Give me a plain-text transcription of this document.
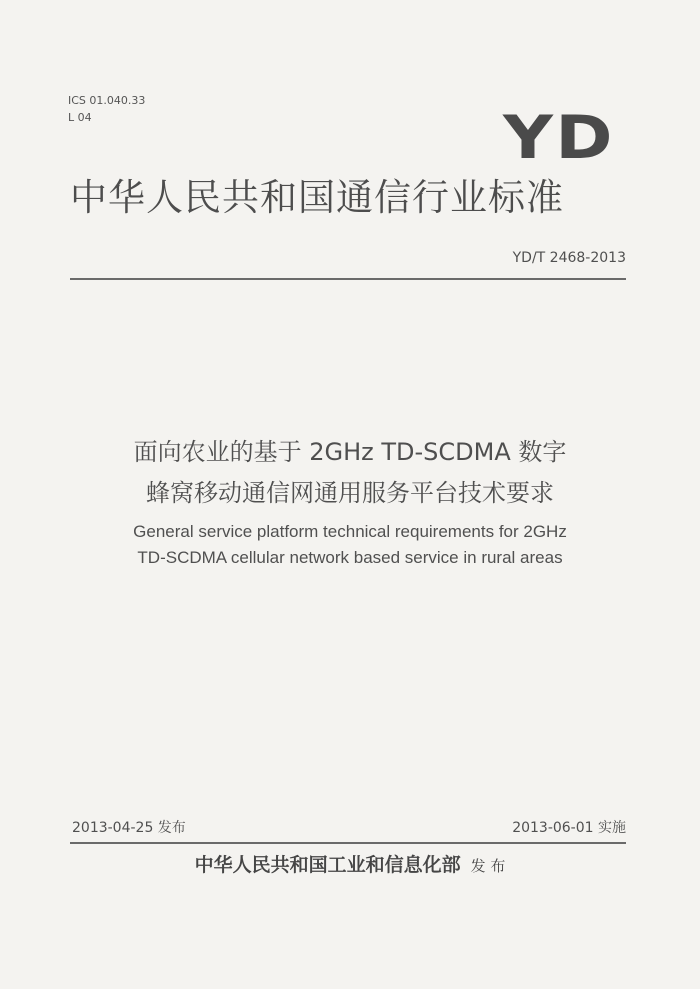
ICS 01.040.33
L 04	YD
中华人民共和国通信行业标准
YD/T 2468-2013
面向农业的基于 2GHz TD-SCDMA 数字
蜂窝移动通信网通用服务平台技术要求
General service platform technical requirements for 2GHz
TD-SCDMA cellular network based service in rural areas
2013-04-25 发布	2013-06-01 实施
中华人民共和国工业和信息化部 发 布
